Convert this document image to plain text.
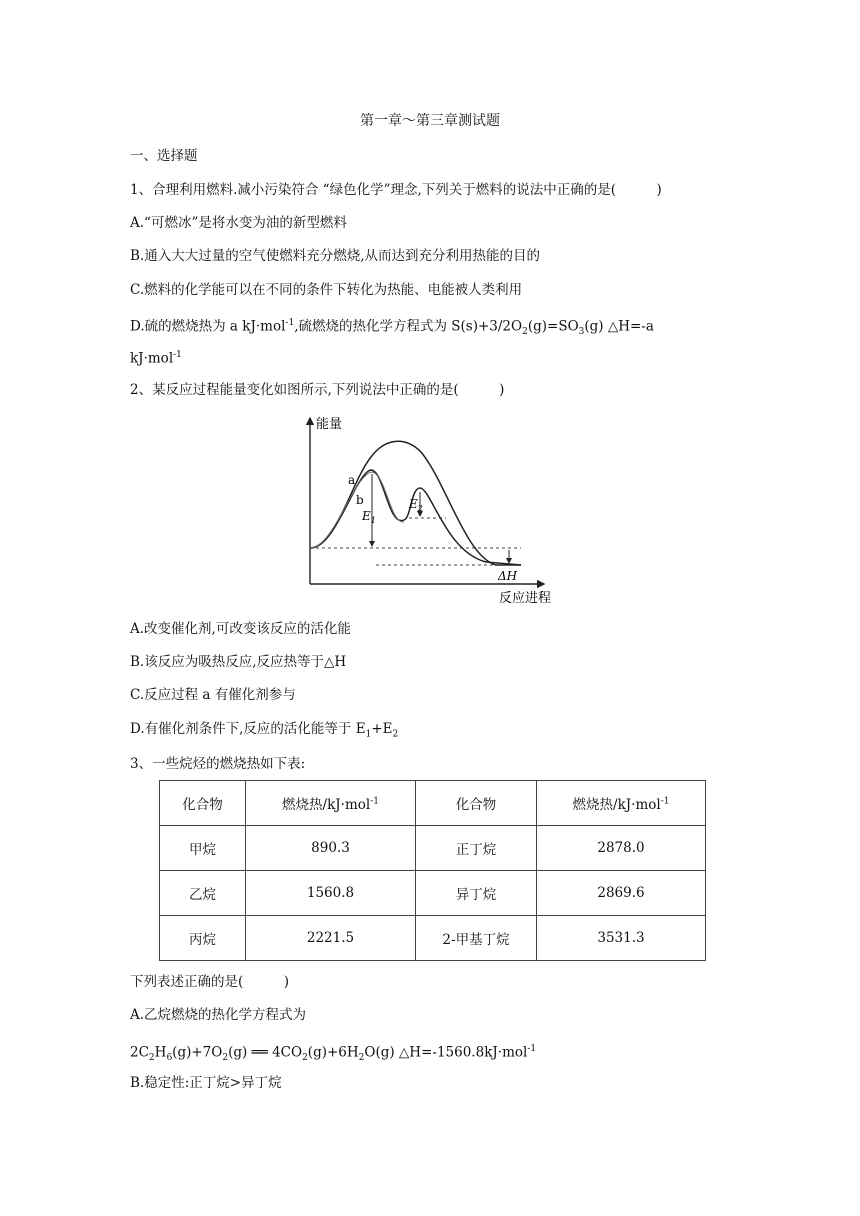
第一章～第三章测试题
一、选择题
1、合理利用燃料.减小污染符合 “绿色化学”理念,下列关于燃料的说法中正确的是(　　　)
A.“可燃冰”是将水变为油的新型燃料
B.通入大大过量的空气使燃料充分燃烧,从而达到充分利用热能的目的
C.燃料的化学能可以在不同的条件下转化为热能、电能被人类利用
D.硫的燃烧热为 a kJ·mol$^{-1}$,硫燃烧的热化学方程式为 $S(s)+3/2O_2(g)=SO_3(g)$ △H=-a
kJ·mol$^{-1}$
2、某反应过程能量变化如图所示,下列说法中正确的是(　　　)
能量
反应进程
a
b
$E_1$
$E_2$
ΔH
A.改变催化剂,可改变该反应的活化能
B.该反应为吸热反应,反应热等于△H
C.反应过程 a 有催化剂参与
D.有催化剂条件下,反应的活化能等于 $E_1+E_2$
3、一些烷烃的燃烧热如下表:
化合物	燃烧热/kJ·mol$^{-1}$	化合物	燃烧热/kJ·mol$^{-1}$
甲烷	890.3	正丁烷	2878.0
乙烷	1560.8	异丁烷	2869.6
丙烷	2221.5	2-甲基丁烷	3531.3
下列表述正确的是(　　　)
A.乙烷燃烧的热化学方程式为
$2C_2H_6(g)+7O_2(g)$ ══ $4CO_2(g)+6H_2O(g)$ △H=-1560.8kJ·mol$^{-1}$
B.稳定性:正丁烷>异丁烷
